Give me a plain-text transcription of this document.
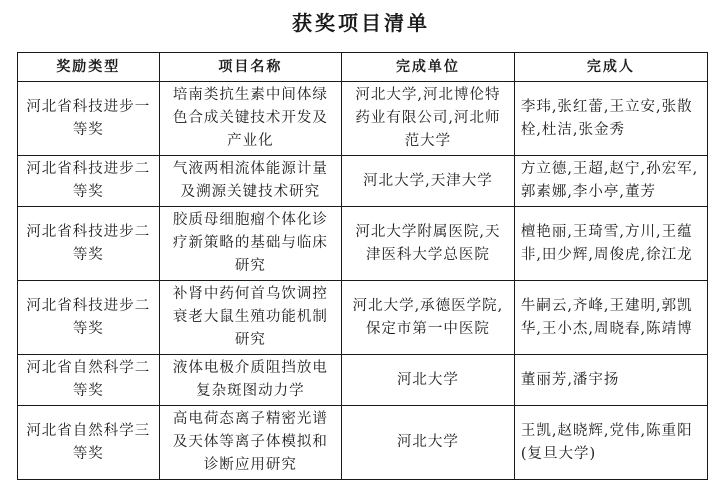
获奖项目清单
奖励类型	项目名称	完成单位	完成人
河北省科技进步一等奖	培南类抗生素中间体绿色合成关键技术开发及产业化	河北大学,河北博伦特药业有限公司,河北师范大学	李玮,张红蕾,王立安,张散栓,杜洁,张金秀
河北省科技进步二等奖	气液两相流体能源计量及溯源关键技术研究	河北大学,天津大学	方立德,王超,赵宁,孙宏军,郭素娜,李小亭,董芳
河北省科技进步二等奖	胶质母细胞瘤个体化诊疗新策略的基础与临床研究	河北大学附属医院,天津医科大学总医院	檀艳丽,王琦雪,方川,王蕴非,田少辉,周俊虎,徐江龙
河北省科技进步二等奖	补肾中药何首乌饮调控衰老大鼠生殖功能机制研究	河北大学,承德医学院,保定市第一中医院	牛嗣云,齐峰,王建明,郭凯华,王小杰,周晓春,陈靖博
河北省自然科学二等奖	液体电极介质阻挡放电复杂斑图动力学	河北大学	董丽芳,潘宇扬
河北省自然科学三等奖	高电荷态离子精密光谱及天体等离子体模拟和诊断应用研究	河北大学	王凯,赵晓辉,党伟,陈重阳(复旦大学)
